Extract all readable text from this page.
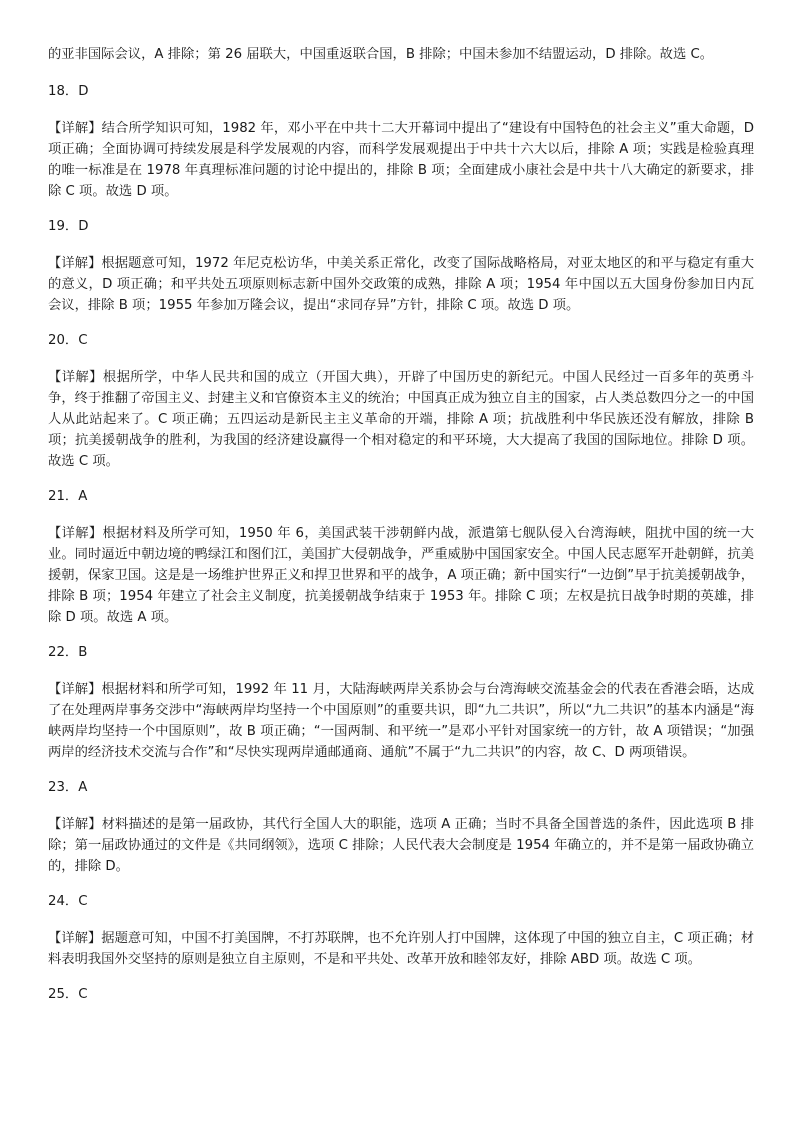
的亚非国际会议，A 排除；第 26 届联大，中国重返联合国，B 排除；中国未参加不结盟运动，D 排除。故选 C。

18．D

【详解】结合所学知识可知，1982 年，邓小平在中共十二大开幕词中提出了“建设有中国特色的社会主义”重大命题，D 项正确；全面协调可持续发展是科学发展观的内容，而科学发展观提出于中共十六大以后，排除 A 项；实践是检验真理的唯一标准是在 1978 年真理标准问题的讨论中提出的，排除 B 项；全面建成小康社会是中共十八大确定的新要求，排除 C 项。故选 D 项。

19．D

【详解】根据题意可知，1972 年尼克松访华，中美关系正常化，改变了国际战略格局，对亚太地区的和平与稳定有重大的意义，D 项正确；和平共处五项原则标志新中国外交政策的成熟，排除 A 项；1954 年中国以五大国身份参加日内瓦会议，排除 B 项；1955 年参加万隆会议，提出“求同存异”方针，排除 C 项。故选 D 项。

20．C

【详解】根据所学，中华人民共和国的成立（开国大典），开辟了中国历史的新纪元。中国人民经过一百多年的英勇斗争，终于推翻了帝国主义、封建主义和官僚资本主义的统治；中国真正成为独立自主的国家，占人类总数四分之一的中国人从此站起来了。C 项正确；五四运动是新民主主义革命的开端，排除 A 项；抗战胜利中华民族还没有解放，排除 B 项；抗美援朝战争的胜利，为我国的经济建设赢得一个相对稳定的和平环境，大大提高了我国的国际地位。排除 D 项。故选 C 项。

21．A

【详解】根据材料及所学可知，1950 年 6，美国武装干涉朝鲜内战，派遣第七舰队侵入台湾海峡，阻扰中国的统一大业。同时逼近中朝边境的鸭绿江和图们江，美国扩大侵朝战争，严重威胁中国国家安全。中国人民志愿军开赴朝鲜，抗美援朝，保家卫国。这是是一场维护世界正义和捍卫世界和平的战争，A 项正确；新中国实行“一边倒”早于抗美援朝战争，排除 B 项；1954 年建立了社会主义制度，抗美援朝战争结束于 1953 年。排除 C 项；左权是抗日战争时期的英雄，排除 D 项。故选 A 项。

22．B

【详解】根据材料和所学可知，1992 年 11 月，大陆海峡两岸关系协会与台湾海峡交流基金会的代表在香港会晤，达成了在处理两岸事务交涉中“海峡两岸均坚持一个中国原则”的重要共识，即“九二共识”，所以“九二共识”的基本内涵是“海峡两岸均坚持一个中国原则”，故 B 项正确；“一国两制、和平统一”是邓小平针对国家统一的方针，故 A 项错误；“加强两岸的经济技术交流与合作”和“尽快实现两岸通邮通商、通航”不属于“九二共识”的内容，故 C、D 两项错误。

23．A

【详解】材料描述的是第一届政协，其代行全国人大的职能，选项 A 正确；当时不具备全国普选的条件，因此选项 B 排除；第一届政协通过的文件是《共同纲领》，选项 C 排除；人民代表大会制度是 1954 年确立的，并不是第一届政协确立的，排除 D。

24．C

【详解】据题意可知，中国不打美国牌，不打苏联牌，也不允许别人打中国牌，这体现了中国的独立自主，C 项正确；材料表明我国外交坚持的原则是独立自主原则，不是和平共处、改革开放和睦邻友好，排除 ABD 项。故选 C 项。

25．C
